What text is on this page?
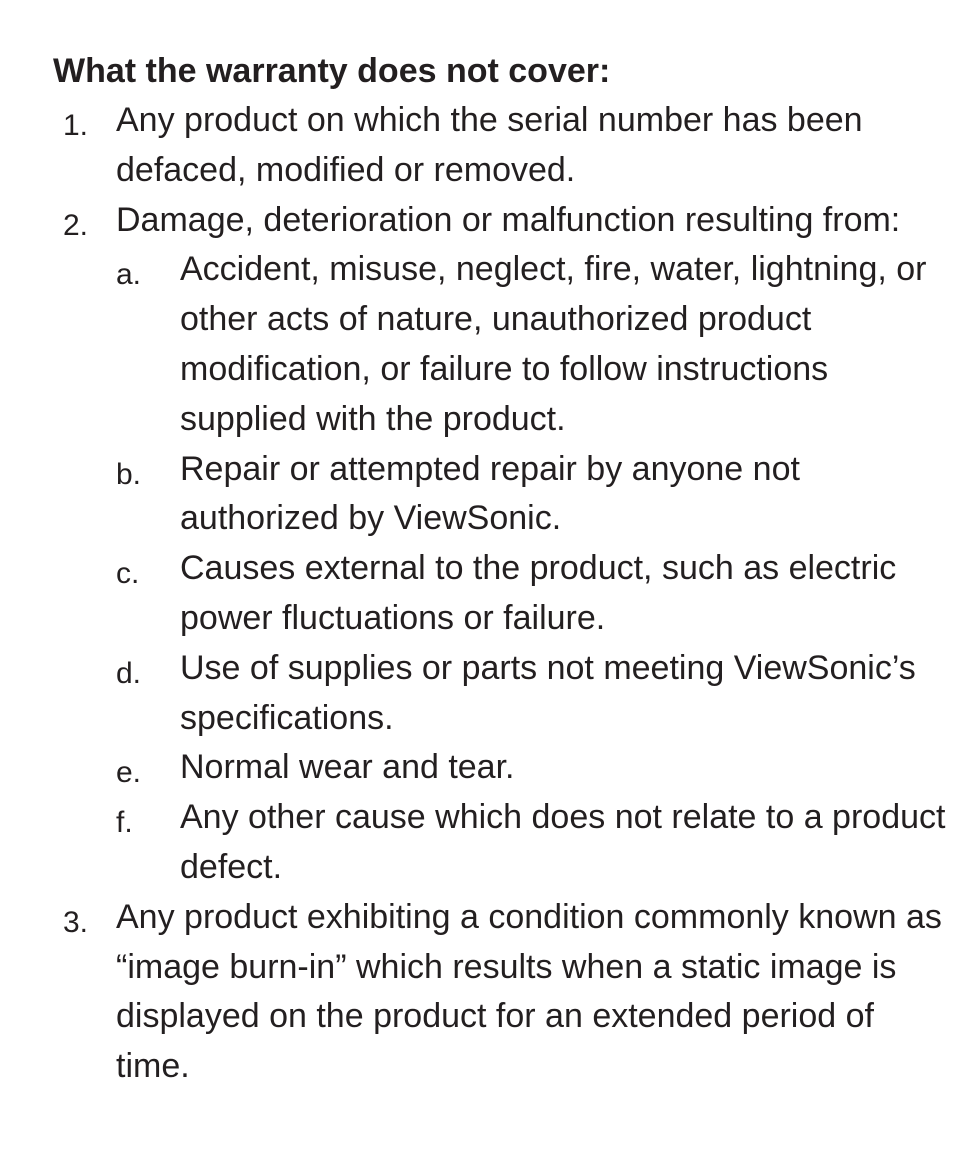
What the warranty does not cover:
1. Any product on which the serial number has been defaced, modified or removed.
2. Damage, deterioration or malfunction resulting from:
a.	Accident, misuse, neglect, fire, water, lightning, or other acts of nature, unauthorized product modification, or failure to follow instructions supplied with the product.
b.	Repair or attempted repair by anyone not authorized by ViewSonic.
c.	Causes external to the product, such as electric power fluctuations or failure.
d.	Use of supplies or parts not meeting ViewSonic’s specifications.
e.	Normal wear and tear.
f.	Any other cause which does not relate to a product defect.
3. Any product exhibiting a condition commonly known as “image burn-in” which results when a static image is displayed on the product for an extended period of time.
